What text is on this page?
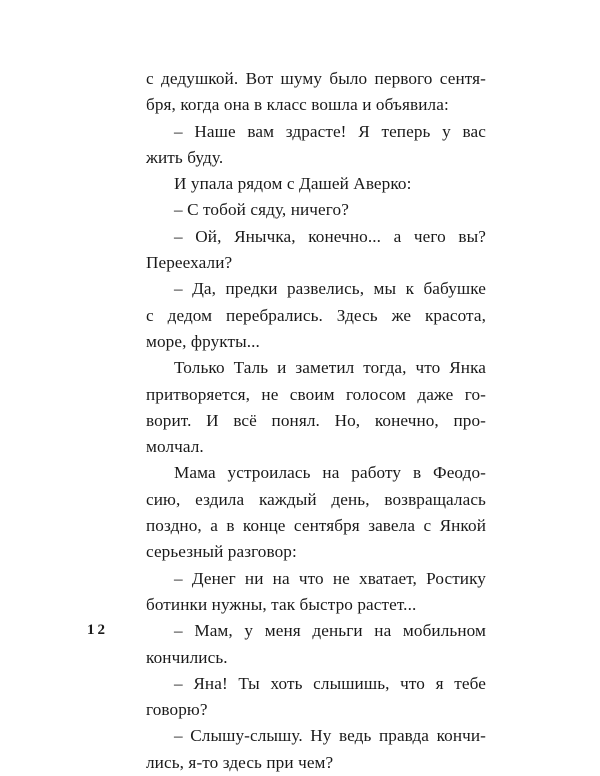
с дедушкой. Вот шуму было первого сентя-
бря, когда она в класс вошла и объявила:
– Наше вам здрасте! Я теперь у вас
жить буду.
И упала рядом с Дашей Аверко:
– С тобой сяду, ничего?
– Ой, Янычка, конечно... а чего вы?
Переехали?
– Да, предки развелись, мы к бабушке
с дедом перебрались. Здесь же красота,
море, фрукты...
Только Таль и заметил тогда, что Янка
притворяется, не своим голосом даже го-
ворит. И всё понял. Но, конечно, про-
молчал.
Мама устроилась на работу в Феодо-
сию, ездила каждый день, возвращалась
поздно, а в конце сентября завела с Янкой
серьезный разговор:
– Денег ни на что не хватает, Ростику
ботинки нужны, так быстро растет...
– Мам, у меня деньги на мобильном
кончились.
– Яна! Ты хоть слышишь, что я тебе
говорю?
– Слышу-слышу. Ну ведь правда кончи-
лись, я-то здесь при чем?
12
